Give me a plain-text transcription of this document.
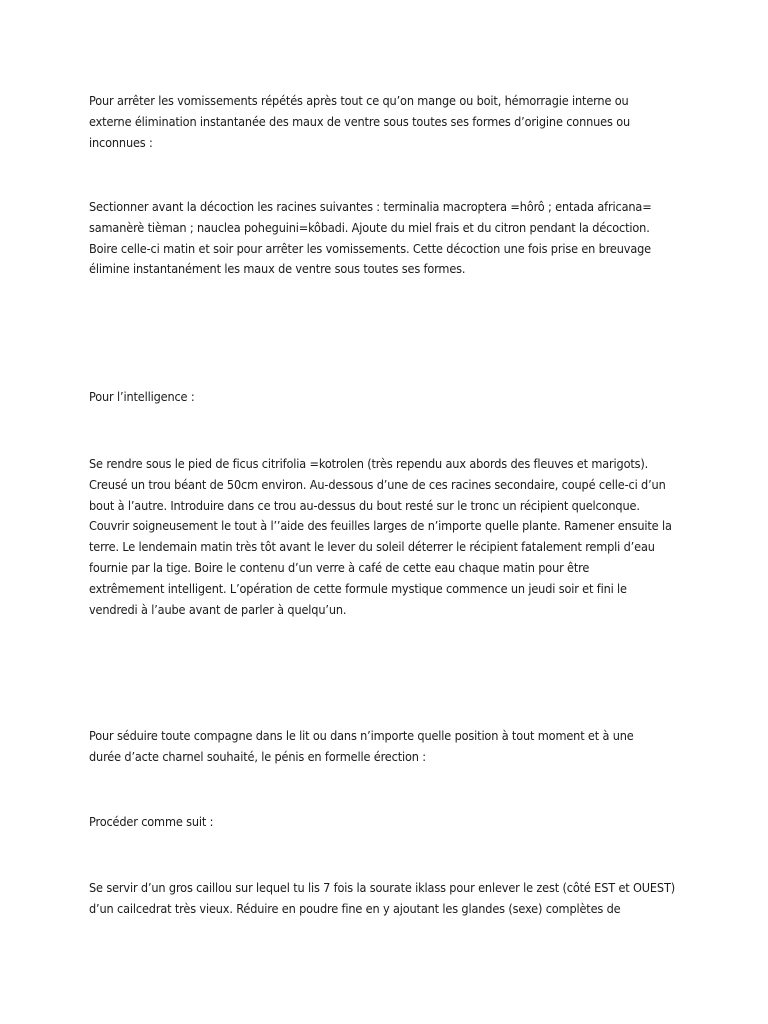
Pour arrêter les vomissements répétés après tout ce qu’on mange ou boit, hémorragie interne ou
externe élimination instantanée des maux de ventre sous toutes ses formes d’origine connues ou
inconnues :

Sectionner avant la décoction les racines suivantes : terminalia macroptera =hôrô ; entada africana=
samanèrè tièman ; nauclea poheguini=kôbadi. Ajoute du miel frais et du citron pendant la décoction.
Boire celle-ci matin et soir pour arrêter les vomissements. Cette décoction une fois prise en breuvage
élimine instantanément les maux de ventre sous toutes ses formes.

Pour l’intelligence :

Se rendre sous le pied de ficus citrifolia =kotrolen (très rependu aux abords des fleuves et marigots).
Creusé un trou béant de 50cm environ. Au-dessous d’une de ces racines secondaire, coupé celle-ci d’un
bout à l’autre. Introduire dans ce trou au-dessus du bout resté sur le tronc un récipient quelconque.
Couvrir soigneusement le tout à l’’aide des feuilles larges de n’importe quelle plante. Ramener ensuite la
terre. Le lendemain matin très tôt avant le lever du soleil déterrer le récipient fatalement rempli d’eau
fournie par la tige. Boire le contenu d’un verre à café de cette eau chaque matin pour être
extrêmement intelligent. L’opération de cette formule mystique commence un jeudi soir et fini le
vendredi à l’aube avant de parler à quelqu’un.

Pour séduire toute compagne dans le lit ou dans n’importe quelle position à tout moment et à une
durée d’acte charnel souhaité, le pénis en formelle érection :

Procéder comme suit :

Se servir d’un gros caillou sur lequel tu lis 7 fois la sourate iklass pour enlever le zest (côté EST et OUEST)
d’un cailcedrat très vieux. Réduire en poudre fine en y ajoutant les glandes (sexe) complètes de
